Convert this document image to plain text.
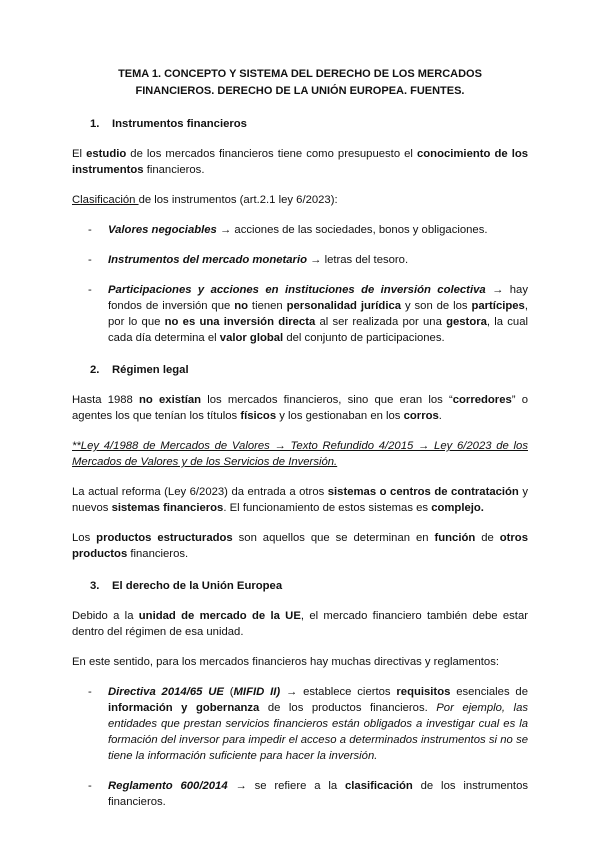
TEMA 1. CONCEPTO Y SISTEMA DEL DERECHO DE LOS MERCADOS FINANCIEROS. DERECHO DE LA UNIÓN EUROPEA. FUENTES.
1. Instrumentos financieros

El estudio de los mercados financieros tiene como presupuesto el conocimiento de los instrumentos financieros.

Clasificación de los instrumentos (art.2.1 ley 6/2023):

- Valores negociables → acciones de las sociedades, bonos y obligaciones.
- Instrumentos del mercado monetario → letras del tesoro.
- Participaciones y acciones en instituciones de inversión colectiva → hay fondos de inversión que no tienen personalidad jurídica y son de los partícipes, por lo que no es una inversión directa al ser realizada por una gestora, la cual cada día determina el valor global del conjunto de participaciones.
2. Régimen legal

Hasta 1988 no existían los mercados financieros, sino que eran los “corredores” o agentes los que tenían los títulos físicos y los gestionaban en los corros.

**Ley 4/1988 de Mercados de Valores → Texto Refundido 4/2015 → Ley 6/2023 de los Mercados de Valores y de los Servicios de Inversión.

La actual reforma (Ley 6/2023) da entrada a otros sistemas o centros de contratación y nuevos sistemas financieros. El funcionamiento de estos sistemas es complejo.

Los productos estructurados son aquellos que se determinan en función de otros productos financieros.

3. El derecho de la Unión Europea

Debido a la unidad de mercado de la UE, el mercado financiero también debe estar dentro del régimen de esa unidad.

En este sentido, para los mercados financieros hay muchas directivas y reglamentos:

- Directiva 2014/65 UE (MIFID II) → establece ciertos requisitos esenciales de información y gobernanza de los productos financieros. Por ejemplo, las entidades que prestan servicios financieros están obligados a investigar cual es la formación del inversor para impedir el acceso a determinados instrumentos si no se tiene la información suficiente para hacer la inversión.
- Reglamento 600/2014 → se refiere a la clasificación de los instrumentos financieros.
